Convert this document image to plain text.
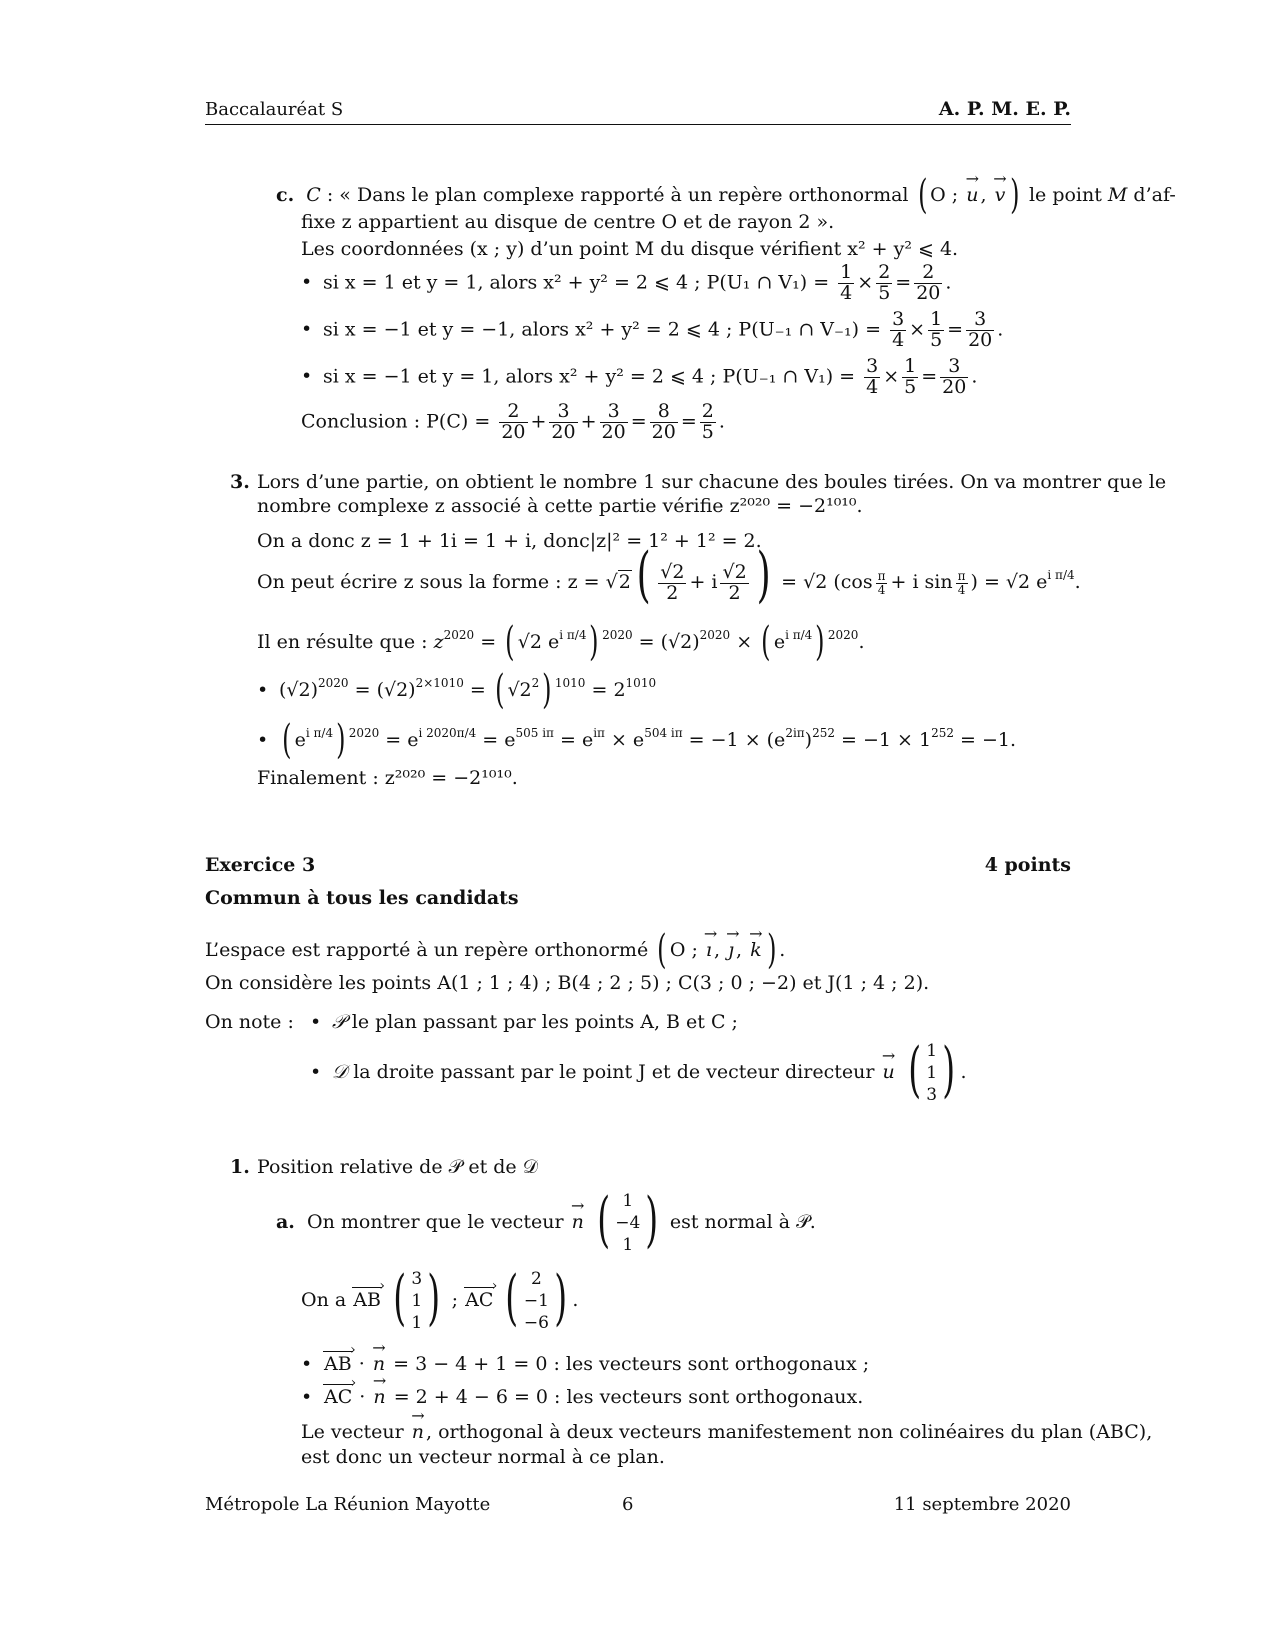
Baccalauréat S	A. P. M. E. P.
c. C : « Dans le plan complexe rapporté à un repère orthonormal ( O ; → u , → v ) le point M d’af-
fixe z appartient au disque de centre O et de rayon 2 ».
Les coordonnées (x ; y) d’un point M du disque vérifient x² + y² ⩽ 4.
• si x = 1 et y = 1, alors x² + y² = 2 ⩽ 4 ; P(U₁ ∩ $V_1) = \frac{1}{4} \times \frac{2}{5} = \frac{2}{20}$ .
• si x = −1 et y = −1, alors x² + y² = 2 ⩽ 4 ; P(U₋₁ ∩ $V_{-1}) = \frac{3}{4} \times \frac{1}{5} = \frac{3}{20}$ .
• si x = −1 et y = 1, alors x² + y² = 2 ⩽ 4 ; P(U₋₁ ∩ $V_1) = \frac{3}{4} \times \frac{1}{5} = \frac{3}{20}$ .
Conclusion : $P(C) = \frac{2}{20} + \frac{3}{20} + \frac{3}{20} = \frac{8}{20} = \frac{2}{5}$ .
3. Lors d’une partie, on obtient le nombre 1 sur chacune des boules tirées. On va montrer que le
nombre complexe z associé à cette partie vérifie z²⁰²⁰ = −2¹⁰¹⁰.
On a donc z = 1 + 1i = 1 + i, donc|z|² = 1² + 1² = 2.
On peut écrire z sous la forme : $z = √2( \frac{√2}{2} + i \frac{√2}{2}$ ) = √2 ($\cos \frac{\pi}{4} + i$ $\sin \frac{\pi}{4}$ ) = √2 $e^{i \pi/4}$.
Il en résulte que : $z^{2020}$ = ( √2 $e^{i \pi/4}$) $^{2020} = (√2)^{2020}$ × ( $e^{i \pi/4}$) $^{2020}$.
• $(√2)^{2020} = (√2)^{2\times 1010}$ = ( $√2^2$) $^{1010} = 2^{1010}$
• ( $e^{i \pi/4}$) $^{2020} = e^{i 2020\pi/4} = e^{505 i\pi} = e^{i\pi} \times e^{504 i\pi} = -1 \times (e^{2i\pi})^{252} = -1 \times 1^{252} = -1$.
Finalement : z²⁰²⁰ = −2¹⁰¹⁰.
Exercice 3	4 points
Commun à tous les candidats
L’espace est rapporté à un repère orthonormé ( O ; → ı , → ȷ , → k ) .
On considère les points A(1 ; 1 ; 4) ; B(4 ; 2 ; 5) ; C(3 ; 0 ; −2) et J(1 ; 4 ; 2).
On note : • 𝒫 le plan passant par les points A, B et C ;
• 𝒟 la droite passant par le point J et de vecteur directeur → u ( 1
1
3 ) .
1. Position relative de 𝒫 et de 𝒟
a. On montrer que le vecteur → n ( 1
−4
1 ) est normal à 𝒫.
On a AB › ( 3
1
1 ) ; AC › ( 2
−1
−6 ) .
• AB › · → n = 3 − 4 + 1 = 0 : les vecteurs sont orthogonaux ;
• AC › · → n = 2 + 4 − 6 = 0 : les vecteurs sont orthogonaux.
Le vecteur → n , orthogonal à deux vecteurs manifestement non colinéaires du plan (ABC),
est donc un vecteur normal à ce plan.
Métropole La Réunion Mayotte	6	11 septembre 2020
